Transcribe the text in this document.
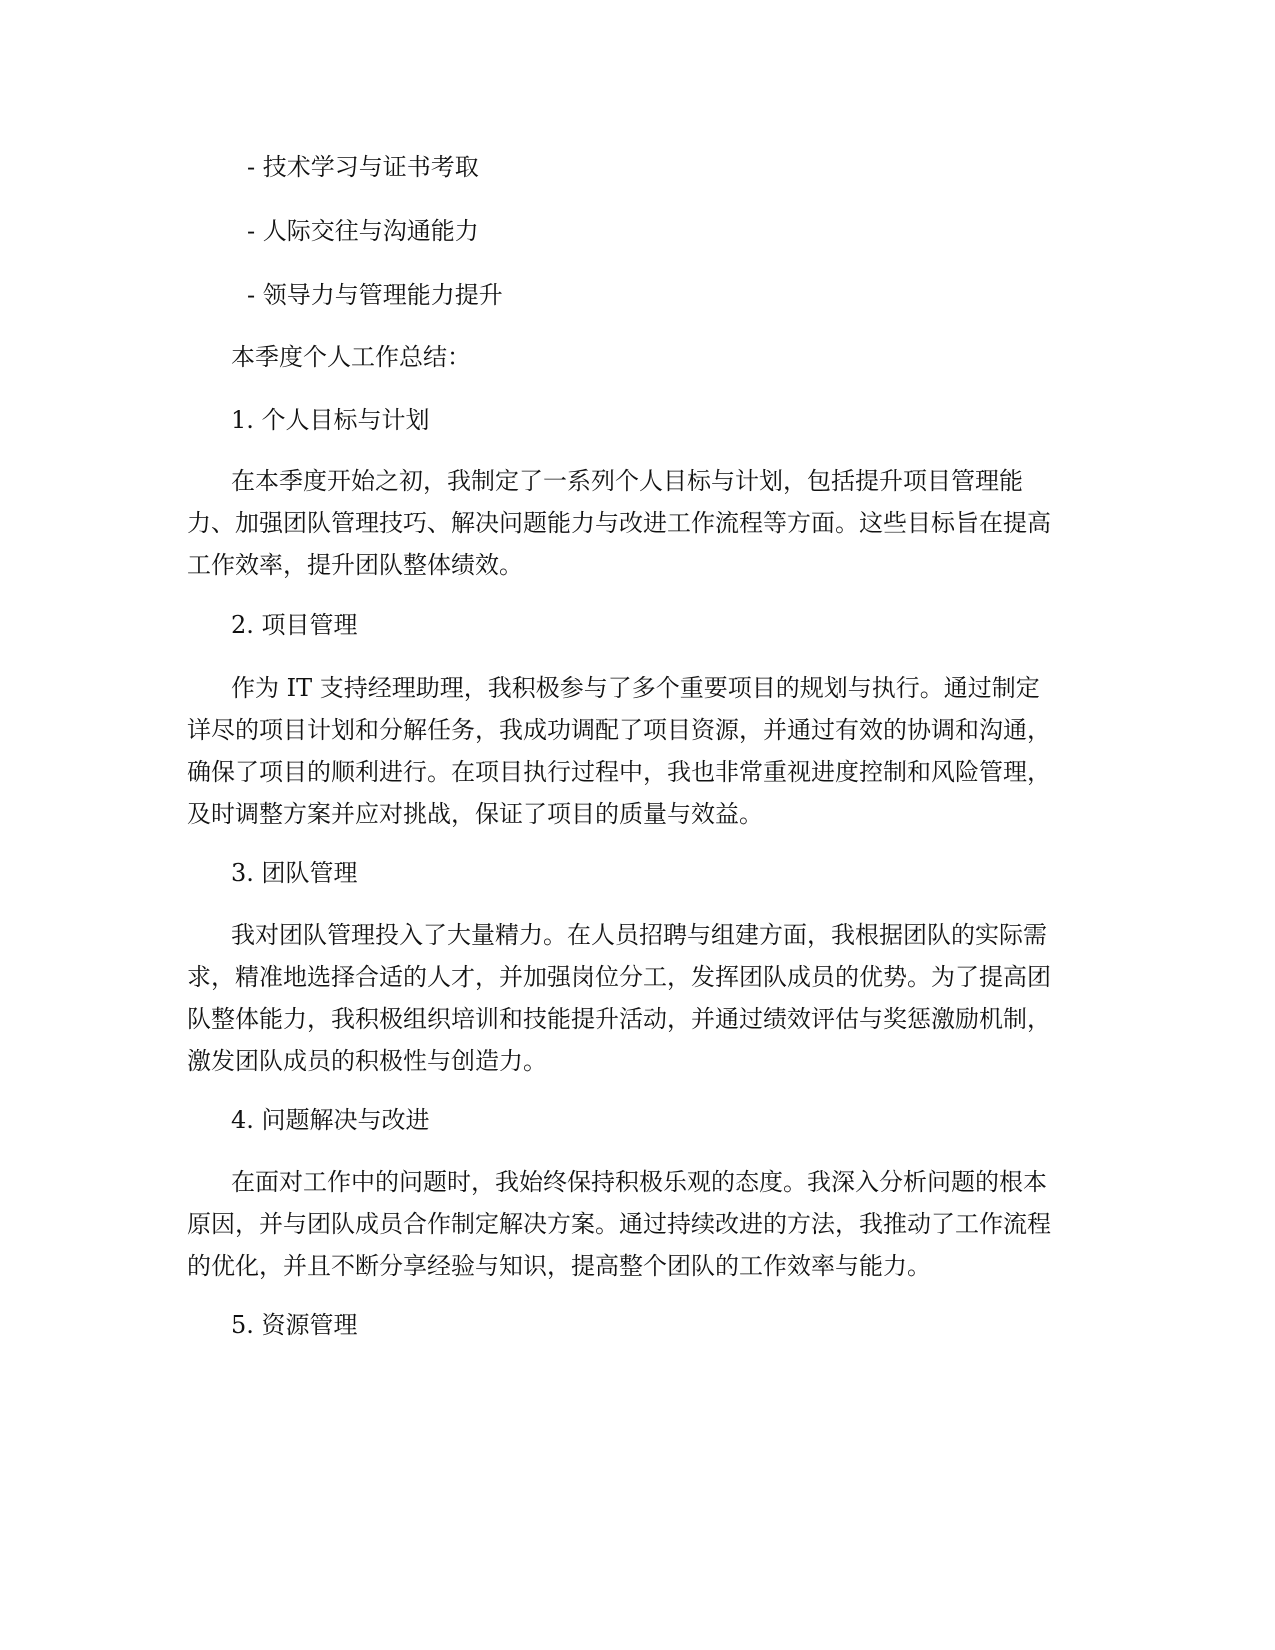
- 技术学习与证书考取
- 人际交往与沟通能力
- 领导力与管理能力提升
本季度个人工作总结：
1. 个人目标与计划
在本季度开始之初，我制定了一系列个人目标与计划，包括提升项目管理能
力、加强团队管理技巧、解决问题能力与改进工作流程等方面。这些目标旨在提高
工作效率，提升团队整体绩效。
2. 项目管理
作为 IT 支持经理助理，我积极参与了多个重要项目的规划与执行。通过制定
详尽的项目计划和分解任务，我成功调配了项目资源，并通过有效的协调和沟通，
确保了项目的顺利进行。在项目执行过程中，我也非常重视进度控制和风险管理，
及时调整方案并应对挑战，保证了项目的质量与效益。
3. 团队管理
我对团队管理投入了大量精力。在人员招聘与组建方面，我根据团队的实际需
求，精准地选择合适的人才，并加强岗位分工，发挥团队成员的优势。为了提高团
队整体能力，我积极组织培训和技能提升活动，并通过绩效评估与奖惩激励机制，
激发团队成员的积极性与创造力。
4. 问题解决与改进
在面对工作中的问题时，我始终保持积极乐观的态度。我深入分析问题的根本
原因，并与团队成员合作制定解决方案。通过持续改进的方法，我推动了工作流程
的优化，并且不断分享经验与知识，提高整个团队的工作效率与能力。
5. 资源管理
